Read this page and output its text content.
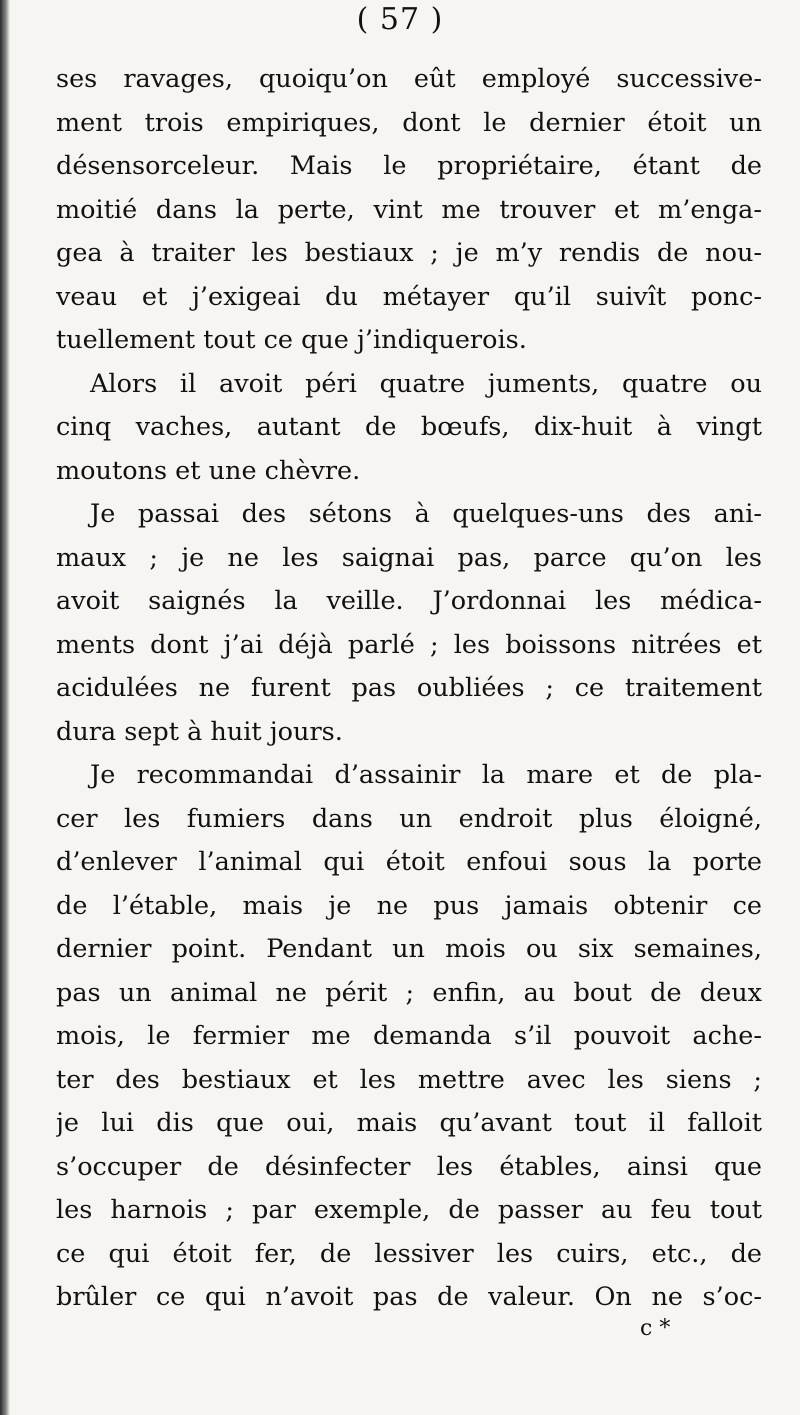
( 57 )
ses ravages, quoiqu’on eût employé successive-
ment trois empiriques, dont le dernier étoit un
désensorceleur. Mais le propriétaire, étant de
moitié dans la perte, vint me trouver et m’enga-
gea à traiter les bestiaux ; je m’y rendis de nou-
veau et j’exigeai du métayer qu’il suivît ponc-
tuellement tout ce que j’indiquerois.
Alors il avoit péri quatre juments, quatre ou
cinq vaches, autant de bœufs, dix-huit à vingt
moutons et une chèvre.
Je passai des sétons à quelques-uns des ani-
maux ; je ne les saignai pas, parce qu’on les
avoit saignés la veille. J’ordonnai les médica-
ments dont j’ai déjà parlé ; les boissons nitrées et
acidulées ne furent pas oubliées ; ce traitement
dura sept à huit jours.
Je recommandai d’assainir la mare et de pla-
cer les fumiers dans un endroit plus éloigné,
d’enlever l’animal qui étoit enfoui sous la porte
de l’étable, mais je ne pus jamais obtenir ce
dernier point. Pendant un mois ou six semaines,
pas un animal ne périt ; enfin, au bout de deux
mois, le fermier me demanda s’il pouvoit ache-
ter des bestiaux et les mettre avec les siens ;
je lui dis que oui, mais qu’avant tout il falloit
s’occuper de désinfecter les étables, ainsi que
les harnois ; par exemple, de passer au feu tout
ce qui étoit fer, de lessiver les cuirs, etc., de
brûler ce qui n’avoit pas de valeur. On ne s’oc-
c *
